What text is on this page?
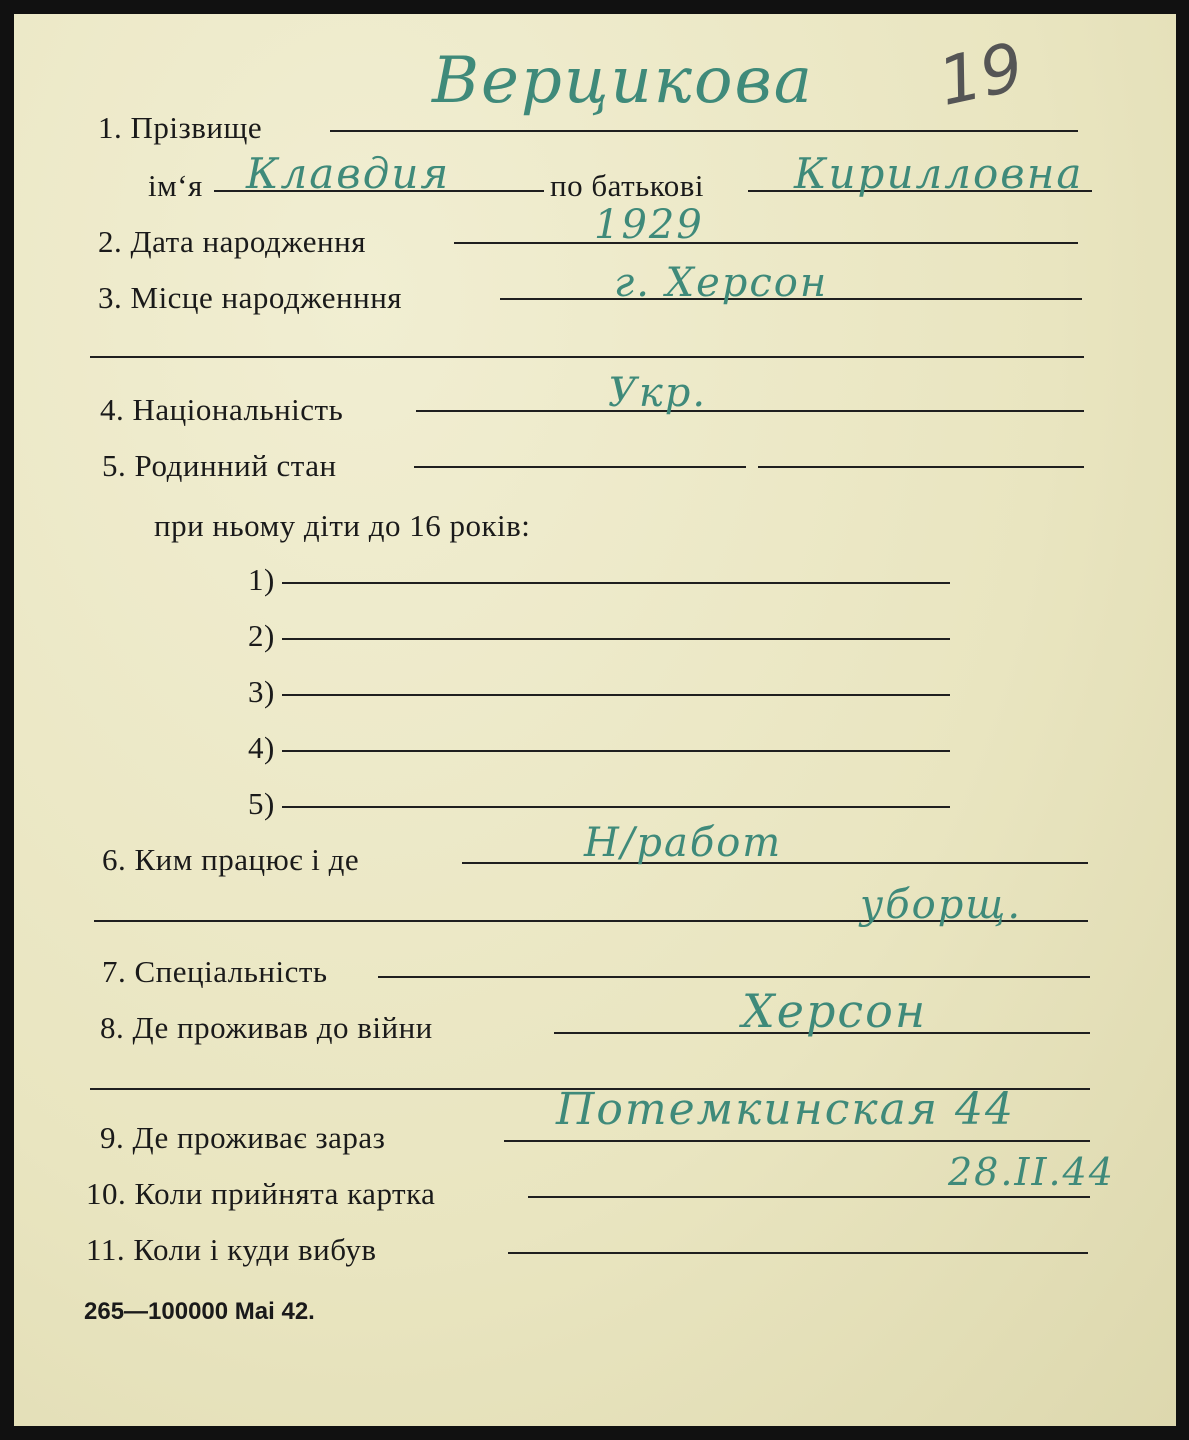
19
1. Прізвище
Верцикова
ім‘я Клавдия	по батькові Кирилловна
2. Дата народження	1929
3. Місце народженння	г. Херсон
4. Національність	Укр.
5. Родинний стан
при ньому діти до 16 років:
1)
2)
3)
4)
5)
6. Ким працює і де	Н/работ
уборщ.
7. Спеціальність
8. Де проживав до війни	Херсон
9. Де проживає зараз
Потемкинская 44
10. Коли прийнята картка	28.II.44
11. Коли і куди вибув
265—100000 Mai 42.
